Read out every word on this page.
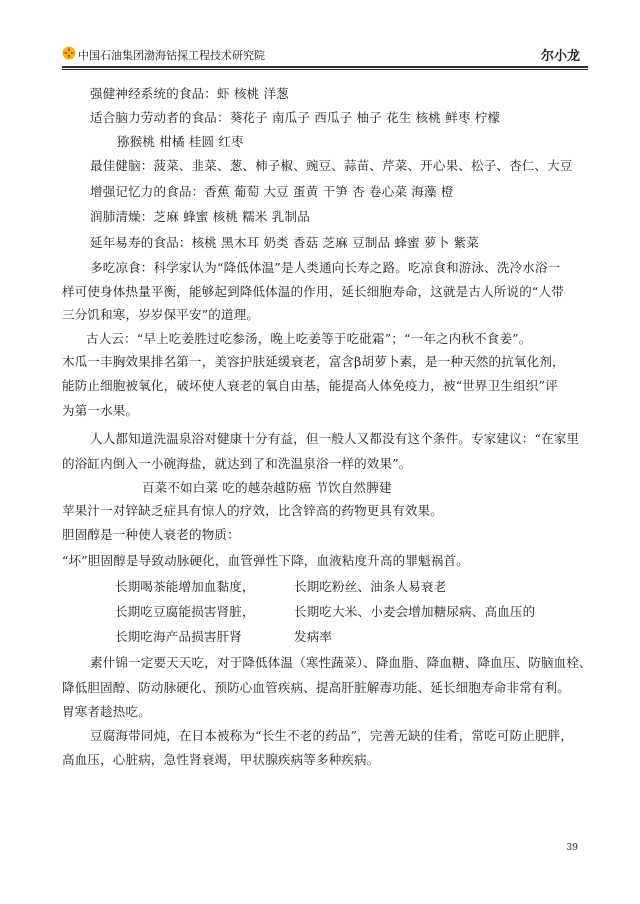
中国石油集团渤海钻探工程技术研究院	尔小龙
强健神经系统的食品：虾 核桃 洋葱
适合脑力劳动者的食品：葵花子 南瓜子 西瓜子 柚子 花生 核桃 鲜枣 柠檬
猕猴桃 柑橘 桂圆 红枣
最佳健脑：菠菜、韭菜、葱、柿子椒、豌豆、蒜苗、芹菜、开心果、松子、杏仁、大豆
增强记忆力的食品：香蕉 葡萄 大豆 蛋黄 干笋 杏 卷心菜 海藻 橙
润肺清燥：芝麻 蜂蜜 核桃 糯米 乳制品
延年易寿的食品：核桃 黑木耳 奶类 香菇 芝麻 豆制品 蜂蜜 萝卜 紫菜
多吃凉食：科学家认为“降低体温”是人类通向长寿之路。吃凉食和游泳、洗冷水浴一
样可使身体热量平衡，能够起到降低体温的作用，延长细胞寿命，这就是古人所说的“人带
三分饥和寒，岁岁保平安”的道理。
古人云：“早上吃姜胜过吃参汤，晚上吃姜等于吃砒霜”；“一年之内秋不食姜”。
木瓜一丰胸效果排名第一，美容护肤延缓衰老，富含β胡萝卜素，是一种天然的抗氧化剂，
能防止细胞被氧化，破坏使人衰老的氧自由基，能提高人体免疫力，被“世界卫生组织”评
为第一水果。
人人都知道洗温泉浴对健康十分有益，但一般人又都没有这个条件。专家建议：“在家里
的浴缸内倒入一小碗海盐，就达到了和洗温泉浴一样的效果”。
百菜不如白菜 吃的越杂越防癌 节饮自然脾建
苹果汁一对锌缺乏症具有惊人的疗效，比含锌高的药物更具有效果。
胆固醇是一种使人衰老的物质：
“坏”胆固醇是导致动脉硬化，血管弹性下降，血液粘度升高的罪魁祸首。
长期喝茶能增加血黏度，	长期吃粉丝、油条人易衰老
长期吃豆腐能损害肾脏，	长期吃大米、小麦会增加糖尿病、高血压的
长期吃海产品损害肝肾	发病率
素什锦一定要天天吃，对于降低体温（寒性蔬菜）、降血脂、降血糖、降血压、防脑血栓、
降低胆固醇、防动脉硬化、预防心血管疾病、提高肝脏解毒功能、延长细胞寿命非常有利。
胃寒者趁热吃。
豆腐海带同炖，在日本被称为“长生不老的药品”，完善无缺的佳肴，常吃可防止肥胖，
高血压，心脏病，急性肾衰竭，甲状腺疾病等多种疾病。
39
